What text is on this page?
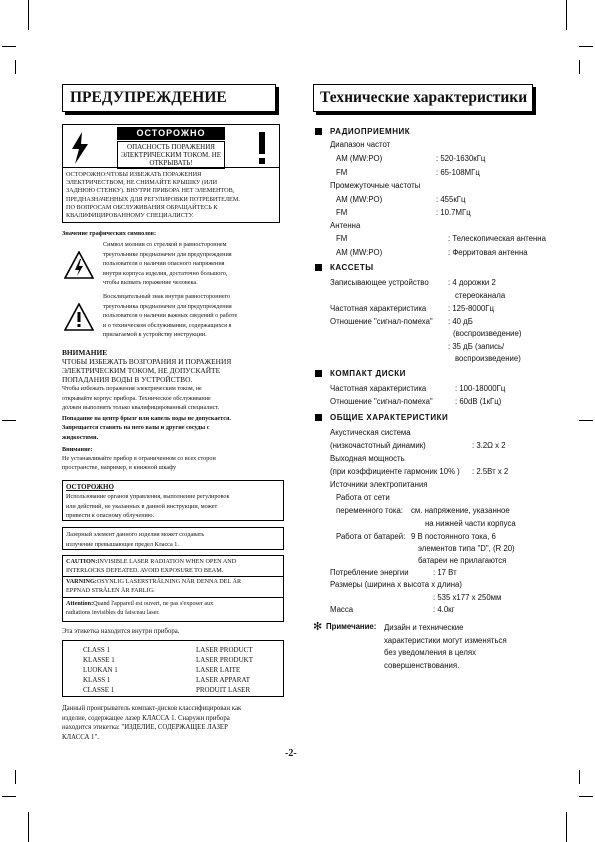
ПРЕДУПРЕЖДЕНИЕ
ОСТОРОЖНО
ОПАСНОСТЬ ПОРАЖЕНИЯ
ЭЛЕКТРИЧЕСКИМ ТОКОМ. НЕ
ОТКРЫВАТЬ!
ОСТОРОЖНО:ЧТОБЫ ИЗБЕЖАТЬ ПОРАЖЕНИЯ
ЭЛЕКТРИЧЕСТВОМ, НЕ СНИМАЙТЕ КРЫШКУ (ИЛИ
ЗАДНЮЮ СТЕНКУ). ВНУТРИ ПРИБОРА НЕТ ЭЛЕМЕНТОВ,
ПРЕДНАЗНАЧЕННЫХ ДЛЯ РЕГУЛИРОВКИ ПОТРЕБИТЕЛЕМ.
ПО ВОПРОСАМ ОБСЛУЖИВАНИЯ ОБРАЩАЙТЕСЬ К
КВАЛИФИЦИРОВАННОМУ СПЕЦИАЛИСТУ.
Значение графических символов:
Символ молнии со стрелкой в равностороннем
треугольнике предназначен для предупреждения
пользователя о наличии опасного напряжения
внутри корпуса изделия, достаточно большого,
чтобы вызвать поражение человека.
Восклицательный знак внутри равностороннего
треугольника предназначен для предупреждения
пользователя о наличии важных сведений о работе
и о техническом обслуживании, содержащихся в
прилагаемой к устройству инструкции.
ВНИМАНИЕ
ЧТОБЫ ИЗБЕЖАТЬ ВОЗГОРАНИЯ И ПОРАЖЕНИЯ
ЭЛЕКТРИЧЕСКИМ ТОКОМ, НЕ ДОПУСКАЙТЕ
ПОПАДАНИЯ ВОДЫ В УСТРОЙСТВО.
Чтобы избежать поражения электрическим током, не
открывайте корпус прибора. Техническое обслуживание
должен выполнять только квалифицированный специалист.
Попадание на центр брызг или капель воды не допускается.
Запрещается ставить на него вазы и другие сосуды с
жидкостями.
Внимание:
Не устанавливайте прибор в ограниченном со всех сторон
пространстве, например, в книжной шкафу
ОСТОРОЖНО
Использование органов управления, выполнение регулировок
или действий, не указанных в данной инструкции, может
привести к опасному облучению.
Лазерный элемент данного изделия может создавать
излучение превышающее предел Класса 1.
CAUTION:INVISIBLE LASER RADIATION WHEN OPEN AND
INTERLOCKS DEFEATED. AVOID EXPOSURE TO BEAM.
VARNING:OSYNLIG LASERSTRÅLNING NÄR DENNA DEL ÄR
EPPNAD STRÅLEN ÄR FARLIG.
Attention:Quand l'appareil est ouvert, ne pas s'exposer aux
radiations invisibles du faisceau laser.
Эта этикетка находится внутри прибора.
CLASS 1	LASER PRODUCT
KLASSE 1	LASER PRODUKT
LUOKAN 1	LASER LAITE
KLASS 1	LASER APPARAT
CLASSE 1	PRODUIT LASER
Данный проигрыватель компакт-дисков классифицирован как
изделие, содержащее лазер КЛАССА 1. Снаружи прибора
находится этикетка: "ИЗДЕЛИЕ, СОДЕРЖАЩЕЕ ЛАЗЕР
КЛАССА 1".
-2-
Технические характеристики
РАДИОПРИЕМНИК
Диапазон частот
AM (MW:PO)	: 520-1630кГц
FM	: 65-108МГц
Промежуточные частоты
AM (MW:PO)	: 455кГц
FM	: 10.7МГц
Антенна
FM	: Телескопическая антенна
AM (MW:PO)	: Ферритовая антенна
КАССЕТЫ
Записывающее устройство : 4 дорожки 2
стереоканала
Частотная характеристика	: 125-8000Гц
Отношение "сигнал-помеха" : 40 дБ
(воспроизведение)
: 35 дБ (запись/
воспроизведение)
КОМПАКТ ДИСКИ
Частотная характеристика	: 100-18000Гц
Отношение "сигнал-помеха"	: 60dB (1кГц)
ОБЩИЕ ХАРАКТЕРИСТИКИ
Акустическая система
(низкочастотный динамик)	: 3.2Ω x 2
Выходная мощность
(при коэффициенте гармоник 10% ) : 2.5Вт x 2
Источники электропитания
Работа от сети
переменного тока: см. напряжение, указанное
на нижней части корпуса
Работа от батарей: 9 В постоянного тока, 6
элементов типа "D", (R 20)
батареи не прилагаются
Потребление энергии	: 17 Вт
Размеры (ширина x высота x длина)
: 535 x177 x 250мм
Масса	: 4.0кг
✻ Примечание: Дизайн и технические
характеристики могут изменяться
без уведомления в целях
совершенствования.
